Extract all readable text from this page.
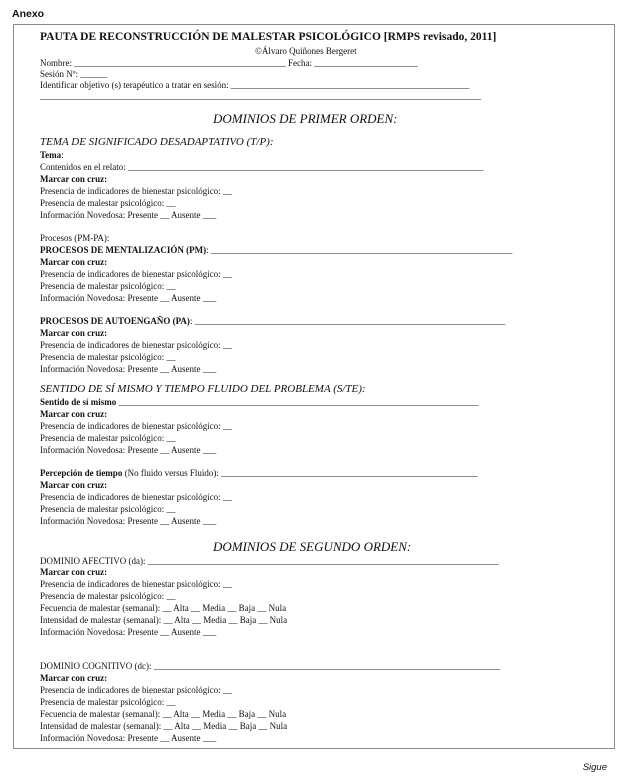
Anexo
PAUTA DE RECONSTRUCCIÓN DE MALESTAR PSICOLÓGICO [RMPS revisado, 2011]
©Álvaro Quiñones Bergeret
Nombre: _______________________________________________ Fecha: _______________________
Sesión Nº: ______
Identificar objetivo (s) terapéutico a tratar en sesión: _____________________________________________________
__________________________________________________________________________________________________
DOMINIOS DE PRIMER ORDEN:
TEMA DE SIGNIFICADO DESADAPTATIVO (T/P):
Tema:
Contenidos en el relato: _______________________________________________________________________________
Marcar con cruz:
Presencia de indicadores de bienestar psicológico: __
Presencia de malestar psicológico: __
Información Novedosa: Presente __ Ausente ___
Procesos (PM-PA):
PROCESOS DE MENTALIZACIÓN (PM): ___________________________________________________________________
Marcar con cruz:
Presencia de indicadores de bienestar psicológico: __
Presencia de malestar psicológico: __
Información Novedosa: Presente __ Ausente ___
PROCESOS DE AUTOENGAÑO (PA): _____________________________________________________________________
Marcar con cruz:
Presencia de indicadores de bienestar psicológico: __
Presencia de malestar psicológico: __
Información Novedosa: Presente __ Ausente ___
SENTIDO DE SÍ MISMO Y TIEMPO FLUIDO DEL PROBLEMA (S/TE):
Sentido de sí mismo ________________________________________________________________________________
Marcar con cruz:
Presencia de indicadores de bienestar psicológico: __
Presencia de malestar psicológico: __
Información Novedosa: Presente __ Ausente ___
Percepción de tiempo (No fluido versus Fluido): _________________________________________________________
Marcar con cruz:
Presencia de indicadores de bienestar psicológico: __
Presencia de malestar psicológico: __
Información Novedosa: Presente __ Ausente ___
DOMINIOS DE SEGUNDO ORDEN:
DOMINIO AFECTIVO (da): ______________________________________________________________________________
Marcar con cruz:
Presencia de indicadores de bienestar psicológico: __
Presencia de malestar psicológico: __
Fecuencia de malestar (semanal): __ Alta __ Media __ Baja __ Nula
Intensidad de malestar (semanal): __ Alta __ Media __ Baja __ Nula
Información Novedosa: Presente __ Ausente ___
DOMINIO COGNITIVO (dc): _____________________________________________________________________________
Marcar con cruz:
Presencia de indicadores de bienestar psicológico: __
Presencia de malestar psicológico: __
Fecuencia de malestar (semanal): __ Alta __ Media __ Baja __ Nula
Intensidad de malestar (semanal): __ Alta __ Media __ Baja __ Nula
Información Novedosa: Presente __ Ausente ___
Sigue
